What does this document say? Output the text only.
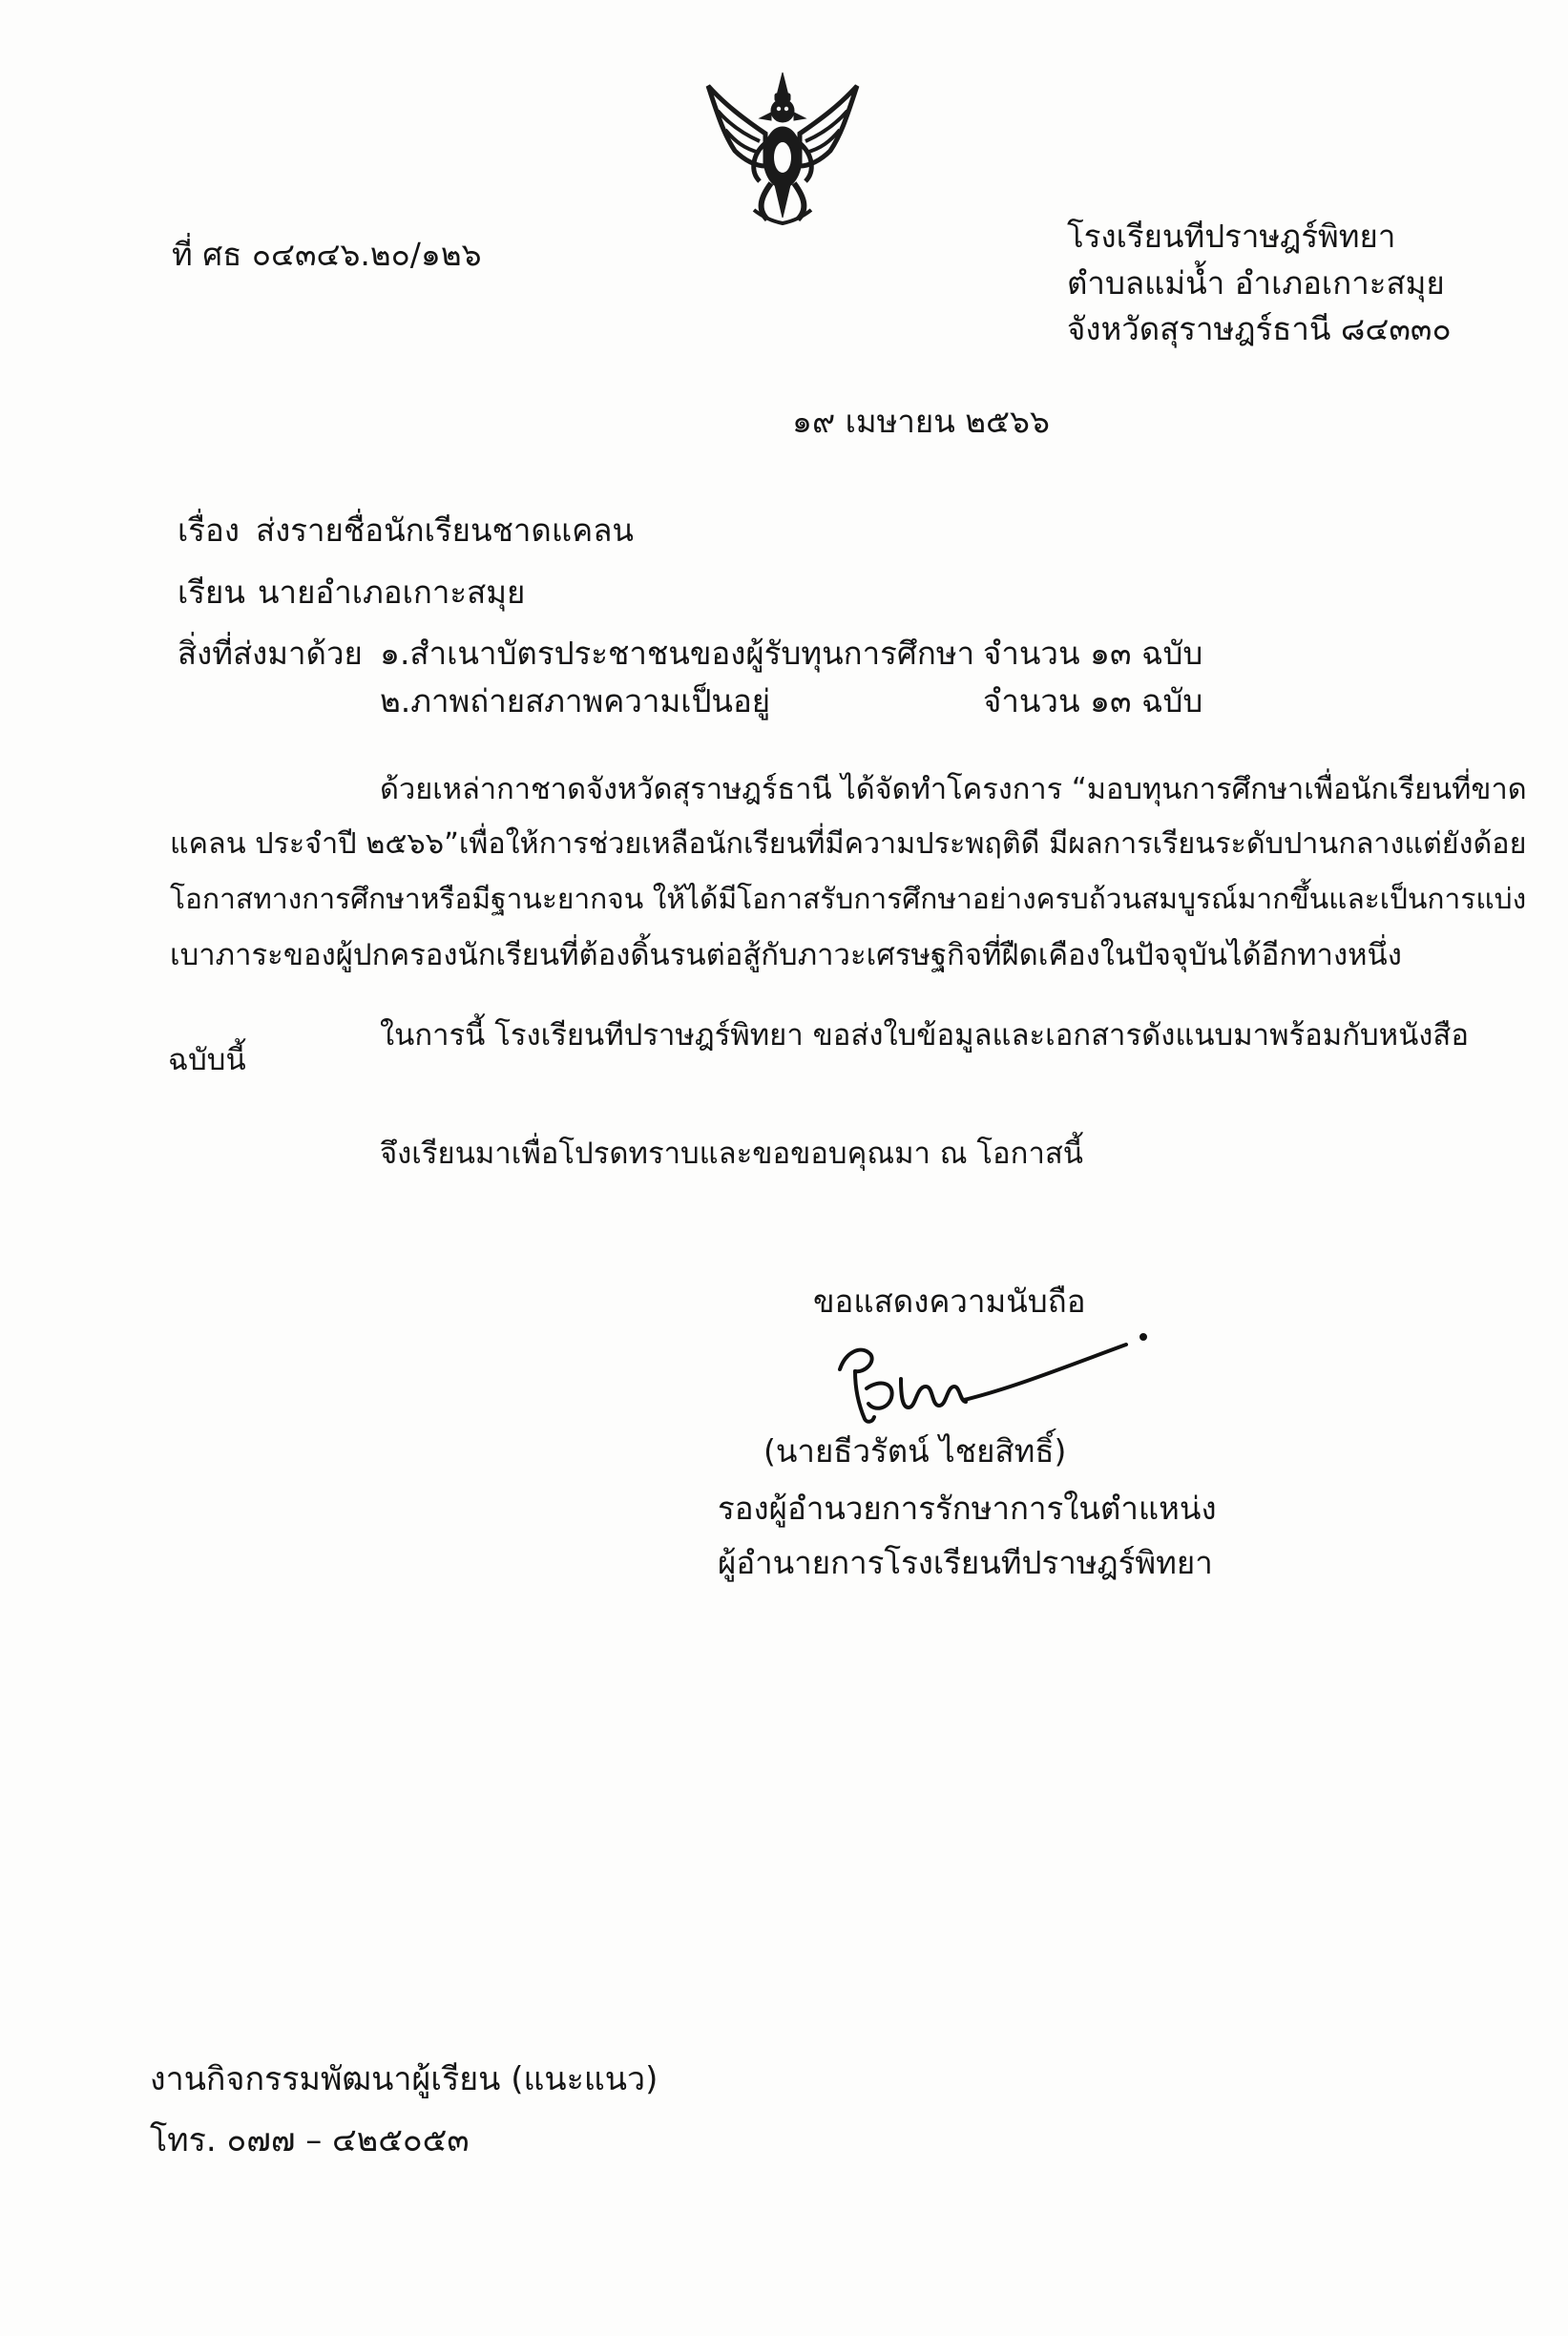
ที่ ศธ ๐๔๓๔๖.๒๐/๑๒๖	โรงเรียนทีปราษฎร์พิทยา
ตำบลแม่น้ำ อำเภอเกาะสมุย
จังหวัดสุราษฎร์ธานี ๘๔๓๓๐
๑๙ เมษายน ๒๕๖๖
เรื่อง ส่งรายชื่อนักเรียนชาดแคลน
เรียน นายอำเภอเกาะสมุย
สิ่งที่ส่งมาด้วย ๑.สำเนาบัตรประชาชนของผู้รับทุนการศึกษา จำนวน ๑๓ ฉบับ
๒.ภาพถ่ายสภาพความเป็นอยู่	จำนวน ๑๓ ฉบับ
ด้วยเหล่ากาชาดจังหวัดสุราษฎร์ธานี ได้จัดทำโครงการ “มอบทุนการศึกษาเพื่อนักเรียนที่ขาด
แคลน ประจำปี ๒๕๖๖”เพื่อให้การช่วยเหลือนักเรียนที่มีความประพฤติดี มีผลการเรียนระดับปานกลางแต่ยังด้อย
โอกาสทางการศึกษาหรือมีฐานะยากจน ให้ได้มีโอกาสรับการศึกษาอย่างครบถ้วนสมบูรณ์มากขึ้นและเป็นการแบ่ง
เบาภาระของผู้ปกครองนักเรียนที่ต้องดิ้นรนต่อสู้กับภาวะเศรษฐกิจที่ฝืดเคืองในปัจจุบันได้อีกทางหนึ่ง
ในการนี้ โรงเรียนทีปราษฎร์พิทยา ขอส่งใบข้อมูลและเอกสารดังแนบมาพร้อมกับหนังสือ
ฉบับนี้
จึงเรียนมาเพื่อโปรดทราบและขอขอบคุณมา ณ โอกาสนี้
ขอแสดงความนับถือ
(นายธีวรัตน์ ไชยสิทธิ์)
รองผู้อำนวยการรักษาการในตำแหน่ง
ผู้อำนายการโรงเรียนทีปราษฎร์พิทยา
งานกิจกรรมพัฒนาผู้เรียน (แนะแนว)
โทร. ๐๗๗ – ๔๒๕๐๕๓
